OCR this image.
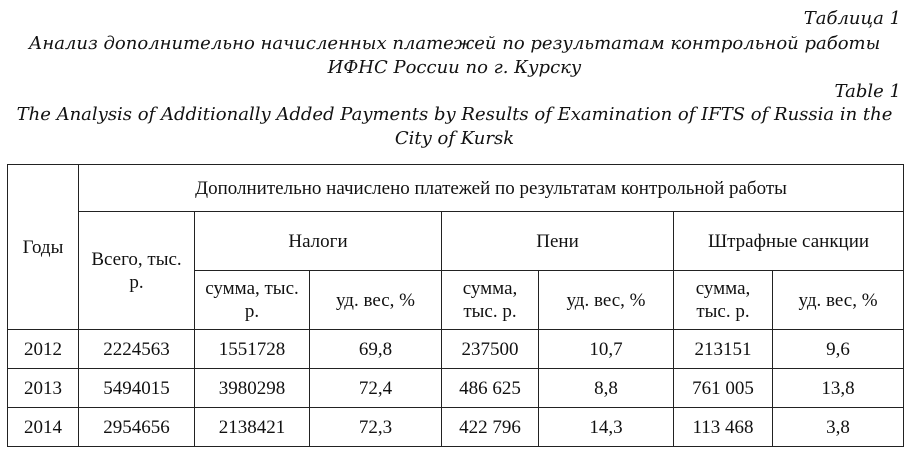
Таблица 1
Анализ дополнительно начисленных платежей по результатам контрольной работы
ИФНС России по г. Курску
Table 1
The Analysis of Additionally Added Payments by Results of Examination of IFTS of Russia in the
City of Kursk
Годы	Дополнительно начислено платежей по результатам контрольной работы						
	Всего, тыс. р.	Налоги		Пени		Штрафные санкции	
		сумма, тыс. р.	уд. вес, %	сумма, тыс. р.	уд. вес, %	сумма, тыс. р.	уд. вес, %
2012	2224563	1551728	69,8	237500	10,7	213151	9,6
2013	5494015	3980298	72,4	486 625	8,8	761 005	13,8
2014	2954656	2138421	72,3	422 796	14,3	113 468	3,8
